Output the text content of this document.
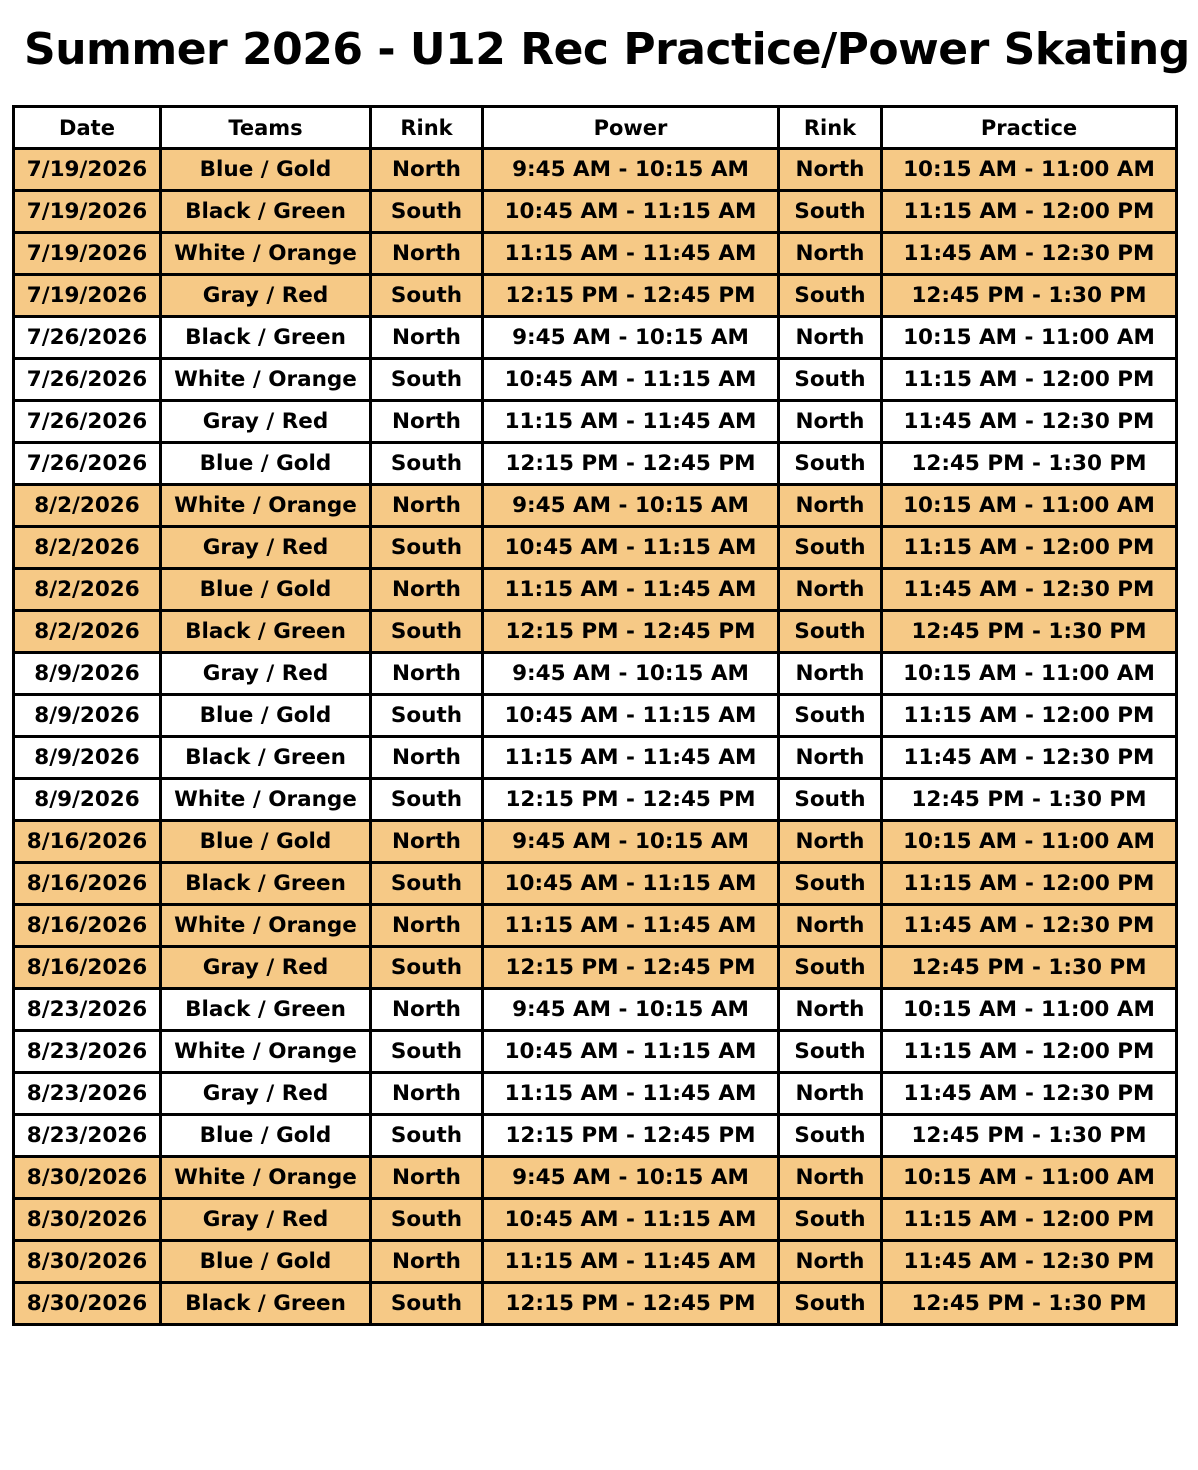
Summer 2026 - U12 Rec Practice/Power Skating
Date	Teams	Rink	Power	Rink	Practice
7/19/2026	Blue / Gold	North	9:45 AM - 10:15 AM	North	10:15 AM - 11:00 AM
7/19/2026	Black / Green	South	10:45 AM - 11:15 AM	South	11:15 AM - 12:00 PM
7/19/2026	White / Orange	North	11:15 AM - 11:45 AM	North	11:45 AM - 12:30 PM
7/19/2026	Gray / Red	South	12:15 PM - 12:45 PM	South	12:45 PM - 1:30 PM
7/26/2026	Black / Green	North	9:45 AM - 10:15 AM	North	10:15 AM - 11:00 AM
7/26/2026	White / Orange	South	10:45 AM - 11:15 AM	South	11:15 AM - 12:00 PM
7/26/2026	Gray / Red	North	11:15 AM - 11:45 AM	North	11:45 AM - 12:30 PM
7/26/2026	Blue / Gold	South	12:15 PM - 12:45 PM	South	12:45 PM - 1:30 PM
8/2/2026	White / Orange	North	9:45 AM - 10:15 AM	North	10:15 AM - 11:00 AM
8/2/2026	Gray / Red	South	10:45 AM - 11:15 AM	South	11:15 AM - 12:00 PM
8/2/2026	Blue / Gold	North	11:15 AM - 11:45 AM	North	11:45 AM - 12:30 PM
8/2/2026	Black / Green	South	12:15 PM - 12:45 PM	South	12:45 PM - 1:30 PM
8/9/2026	Gray / Red	North	9:45 AM - 10:15 AM	North	10:15 AM - 11:00 AM
8/9/2026	Blue / Gold	South	10:45 AM - 11:15 AM	South	11:15 AM - 12:00 PM
8/9/2026	Black / Green	North	11:15 AM - 11:45 AM	North	11:45 AM - 12:30 PM
8/9/2026	White / Orange	South	12:15 PM - 12:45 PM	South	12:45 PM - 1:30 PM
8/16/2026	Blue / Gold	North	9:45 AM - 10:15 AM	North	10:15 AM - 11:00 AM
8/16/2026	Black / Green	South	10:45 AM - 11:15 AM	South	11:15 AM - 12:00 PM
8/16/2026	White / Orange	North	11:15 AM - 11:45 AM	North	11:45 AM - 12:30 PM
8/16/2026	Gray / Red	South	12:15 PM - 12:45 PM	South	12:45 PM - 1:30 PM
8/23/2026	Black / Green	North	9:45 AM - 10:15 AM	North	10:15 AM - 11:00 AM
8/23/2026	White / Orange	South	10:45 AM - 11:15 AM	South	11:15 AM - 12:00 PM
8/23/2026	Gray / Red	North	11:15 AM - 11:45 AM	North	11:45 AM - 12:30 PM
8/23/2026	Blue / Gold	South	12:15 PM - 12:45 PM	South	12:45 PM - 1:30 PM
8/30/2026	White / Orange	North	9:45 AM - 10:15 AM	North	10:15 AM - 11:00 AM
8/30/2026	Gray / Red	South	10:45 AM - 11:15 AM	South	11:15 AM - 12:00 PM
8/30/2026	Blue / Gold	North	11:15 AM - 11:45 AM	North	11:45 AM - 12:30 PM
8/30/2026	Black / Green	South	12:15 PM - 12:45 PM	South	12:45 PM - 1:30 PM
